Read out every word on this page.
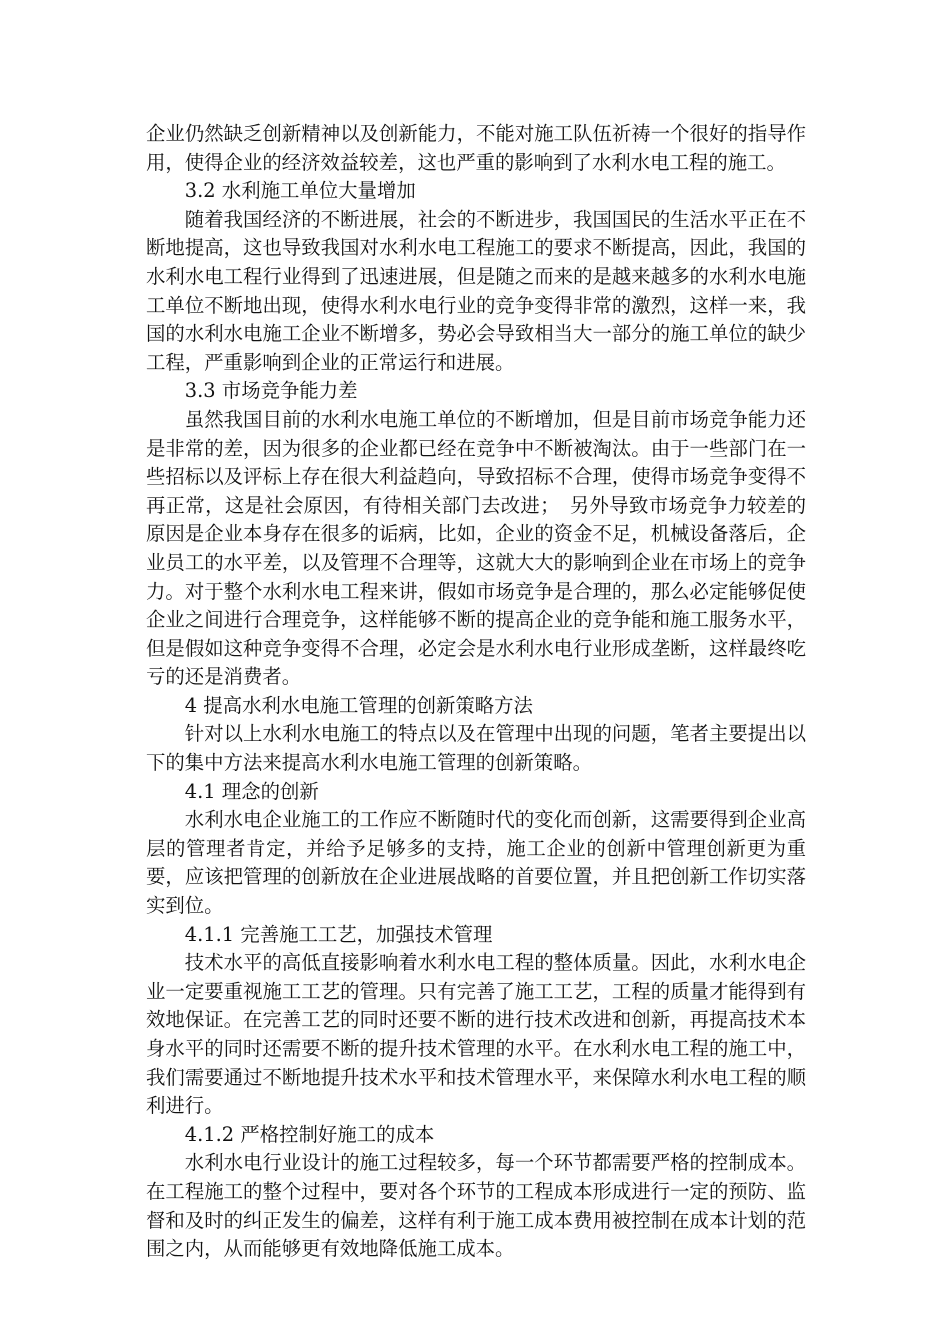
企业仍然缺乏创新精神以及创新能力，不能对施工队伍祈祷一个很好的指导作用，使得企业的经济效益较差，这也严重的影响到了水利水电工程的施工。

3.2 水利施工单位大量增加

随着我国经济的不断进展，社会的不断进步，我国国民的生活水平正在不断地提高，这也导致我国对水利水电工程施工的要求不断提高，因此，我国的水利水电工程行业得到了迅速进展，但是随之而来的是越来越多的水利水电施工单位不断地出现，使得水利水电行业的竞争变得非常的激烈，这样一来，我国的水利水电施工企业不断增多，势必会导致相当大一部分的施工单位的缺少工程，严重影响到企业的正常运行和进展。

3.3 市场竞争能力差

虽然我国目前的水利水电施工单位的不断增加，但是目前市场竞争能力还是非常的差，因为很多的企业都已经在竞争中不断被淘汰。由于一些部门在一些招标以及评标上存在很大利益趋向，导致招标不合理，使得市场竞争变得不再正常，这是社会原因，有待相关部门去改进；　另外导致市场竞争力较差的原因是企业本身存在很多的诟病，比如，企业的资金不足，机械设备落后，企业员工的水平差，以及管理不合理等，这就大大的影响到企业在市场上的竞争力。对于整个水利水电工程来讲，假如市场竞争是合理的，那么必定能够促使企业之间进行合理竞争，这样能够不断的提高企业的竞争能和施工服务水平，但是假如这种竞争变得不合理，必定会是水利水电行业形成垄断，这样最终吃亏的还是消费者。

4 提高水利水电施工管理的创新策略方法

针对以上水利水电施工的特点以及在管理中出现的问题，笔者主要提出以下的集中方法来提高水利水电施工管理的创新策略。

4.1 理念的创新

水利水电企业施工的工作应不断随时代的变化而创新，这需要得到企业高层的管理者肯定，并给予足够多的支持，施工企业的创新中管理创新更为重要，应该把管理的创新放在企业进展战略的首要位置，并且把创新工作切实落实到位。

4.1.1 完善施工工艺，加强技术管理

技术水平的高低直接影响着水利水电工程的整体质量。因此，水利水电企业一定要重视施工工艺的管理。只有完善了施工工艺，工程的质量才能得到有效地保证。在完善工艺的同时还要不断的进行技术改进和创新，再提高技术本身水平的同时还需要不断的提升技术管理的水平。在水利水电工程的施工中，我们需要通过不断地提升技术水平和技术管理水平，来保障水利水电工程的顺利进行。

4.1.2 严格控制好施工的成本

水利水电行业设计的施工过程较多，每一个环节都需要严格的控制成本。在工程施工的整个过程中，要对各个环节的工程成本形成进行一定的预防、监督和及时的纠正发生的偏差，这样有利于施工成本费用被控制在成本计划的范围之内，从而能够更有效地降低施工成本。
